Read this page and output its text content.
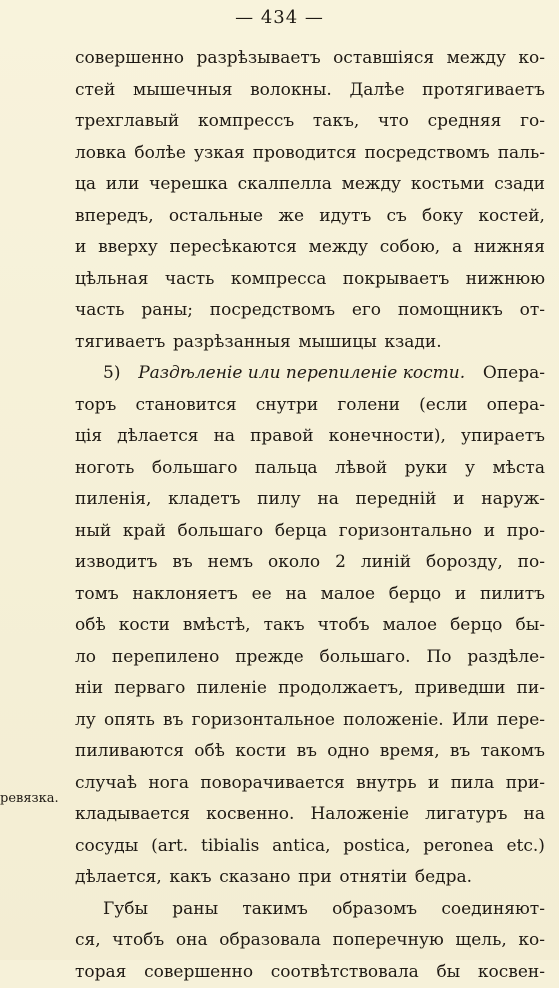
— 434 —
ревязка.
совершенно разрѣзываетъ оставшіяся между ко-
стей мышечныя волокны. Далѣе протягиваетъ
трехглавый компрессъ такъ, что средняя го-
ловка болѣе узкая проводится посредствомъ паль-
ца или черешка скалпелла между костьми сзади
впередъ, остальные же идутъ съ боку костей,
и вверху пересѣкаются между собою, а нижняя
цѣльная часть компресса покрываетъ нижнюю
часть раны; посредствомъ его помощникъ от-
тягиваетъ разрѣзанныя мышицы кзади.
5) Раздѣленіе или перепиленіе кости. Опера-
торъ становится снутри голени (если опера-
ція дѣлается на правой конечности), упираетъ
ноготь большаго пальца лѣвой руки у мѣста
пиленія, кладетъ пилу на передній и наруж-
ный край большаго берца горизонтально и про-
изводитъ въ немъ около 2 линій борозду, по-
томъ наклоняетъ ее на малое берцо и пилитъ
обѣ кости вмѣстѣ, такъ чтобъ малое берцо бы-
ло перепилено прежде большаго. По раздѣле-
ніи перваго пиленіе продолжаетъ, приведши пи-
лу опять въ горизонтальное положеніе. Или пере-
пиливаются обѣ кости въ одно время, въ такомъ
случаѣ нога поворачивается внутрь и пила при-
кладывается косвенно. Наложеніе лигатуръ на
сосуды (art. tibialis antica, postica, peronea etc.)
дѣлается, какъ сказано при отнятіи бедра.
Губы раны такимъ образомъ соединяют-
ся, чтобъ она образовала поперечную щель, ко-
торая совершенно соотвѣтствовала бы косвен-
